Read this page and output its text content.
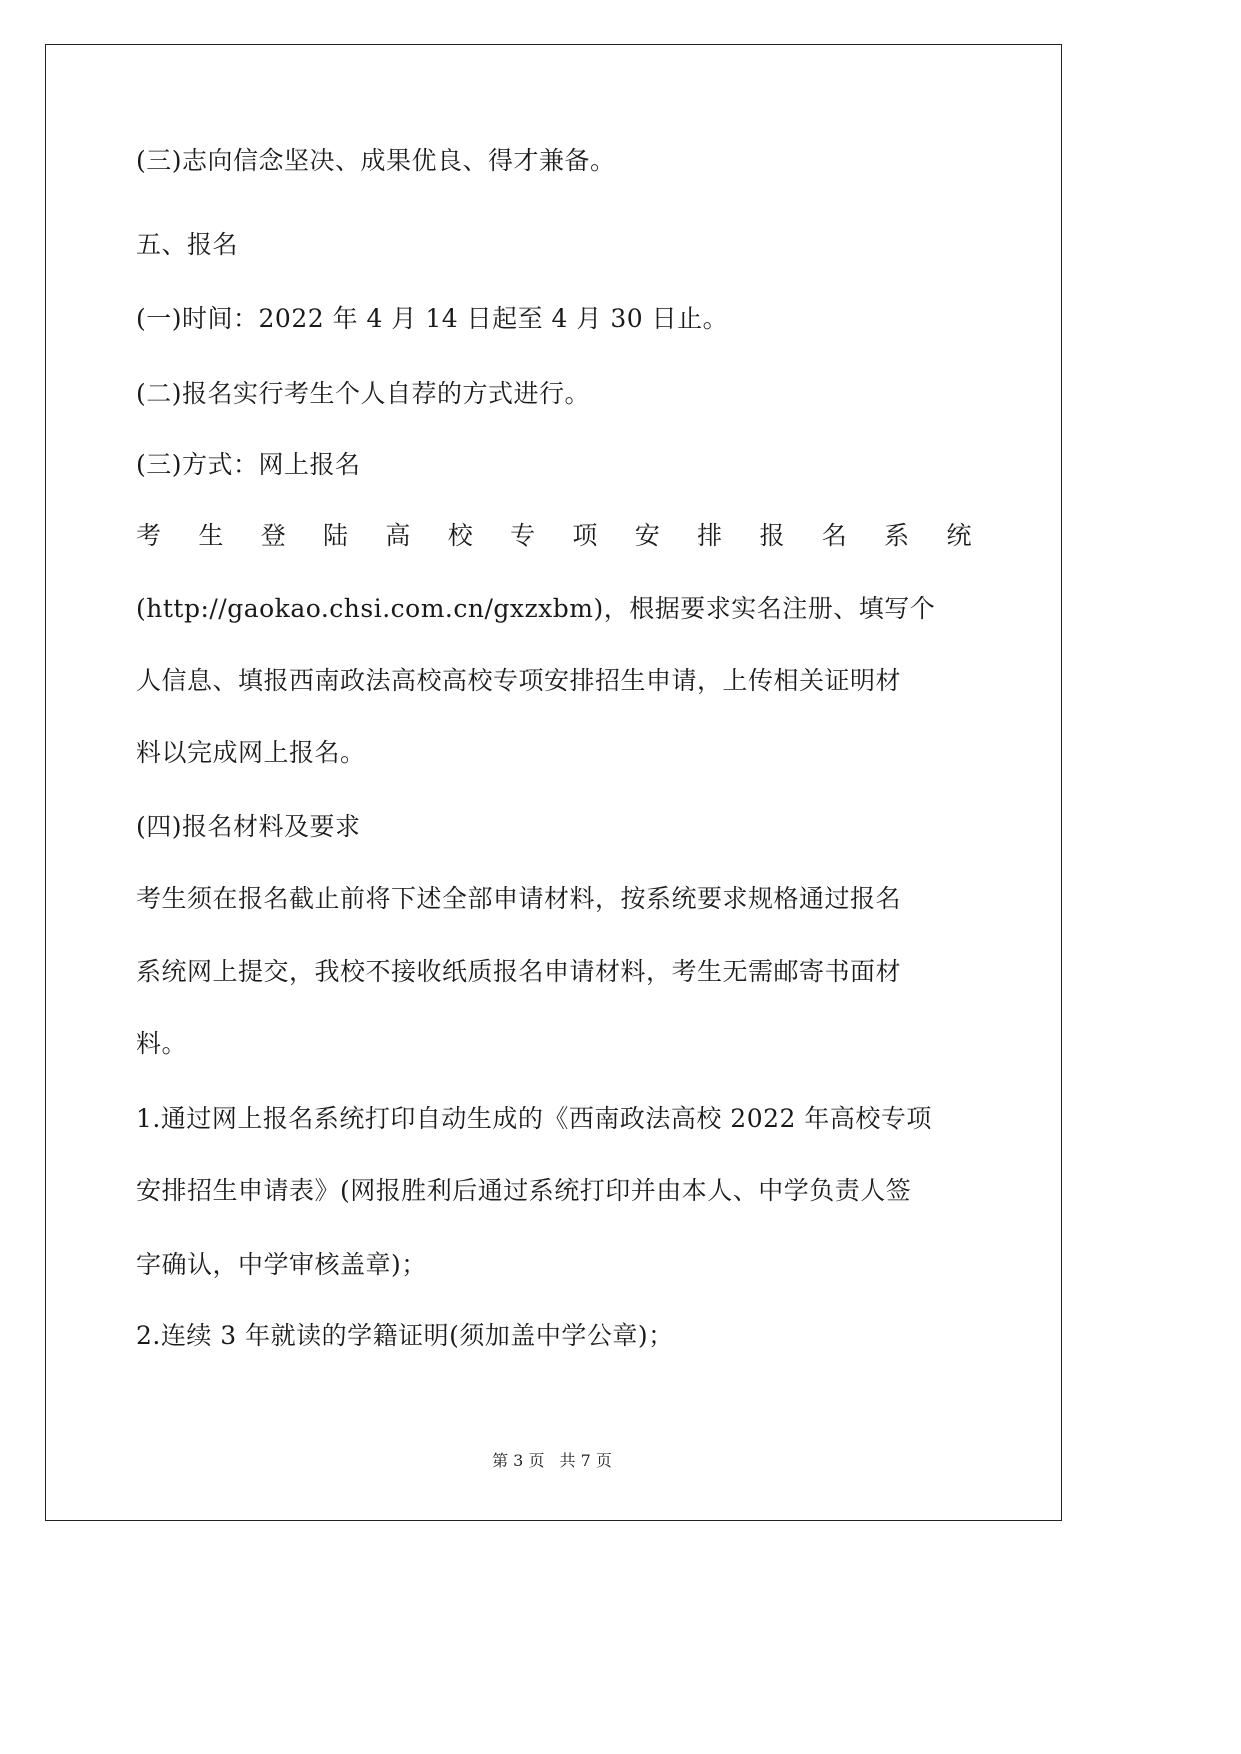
(三)志向信念坚决、成果优良、得才兼备。
五、报名
(一)时间：2022 年 4 月 14 日起至 4 月 30 日止。
(二)报名实行考生个人自荐的方式进行。
(三)方式：网上报名
考 生 登 陆 高 校 专 项 安 排 报 名 系 统
(http://gaokao.chsi.com.cn/gxzxbm)，根据要求实名注册、填写个
人信息、填报西南政法高校高校专项安排招生申请，上传相关证明材
料以完成网上报名。
(四)报名材料及要求
考生须在报名截止前将下述全部申请材料，按系统要求规格通过报名
系统网上提交，我校不接收纸质报名申请材料，考生无需邮寄书面材
料。
1.通过网上报名系统打印自动生成的《西南政法高校 2022 年高校专项
安排招生申请表》(网报胜利后通过系统打印并由本人、中学负责人签
字确认，中学审核盖章)；
2.连续 3 年就读的学籍证明(须加盖中学公章)；
第 3 页 共 7 页
